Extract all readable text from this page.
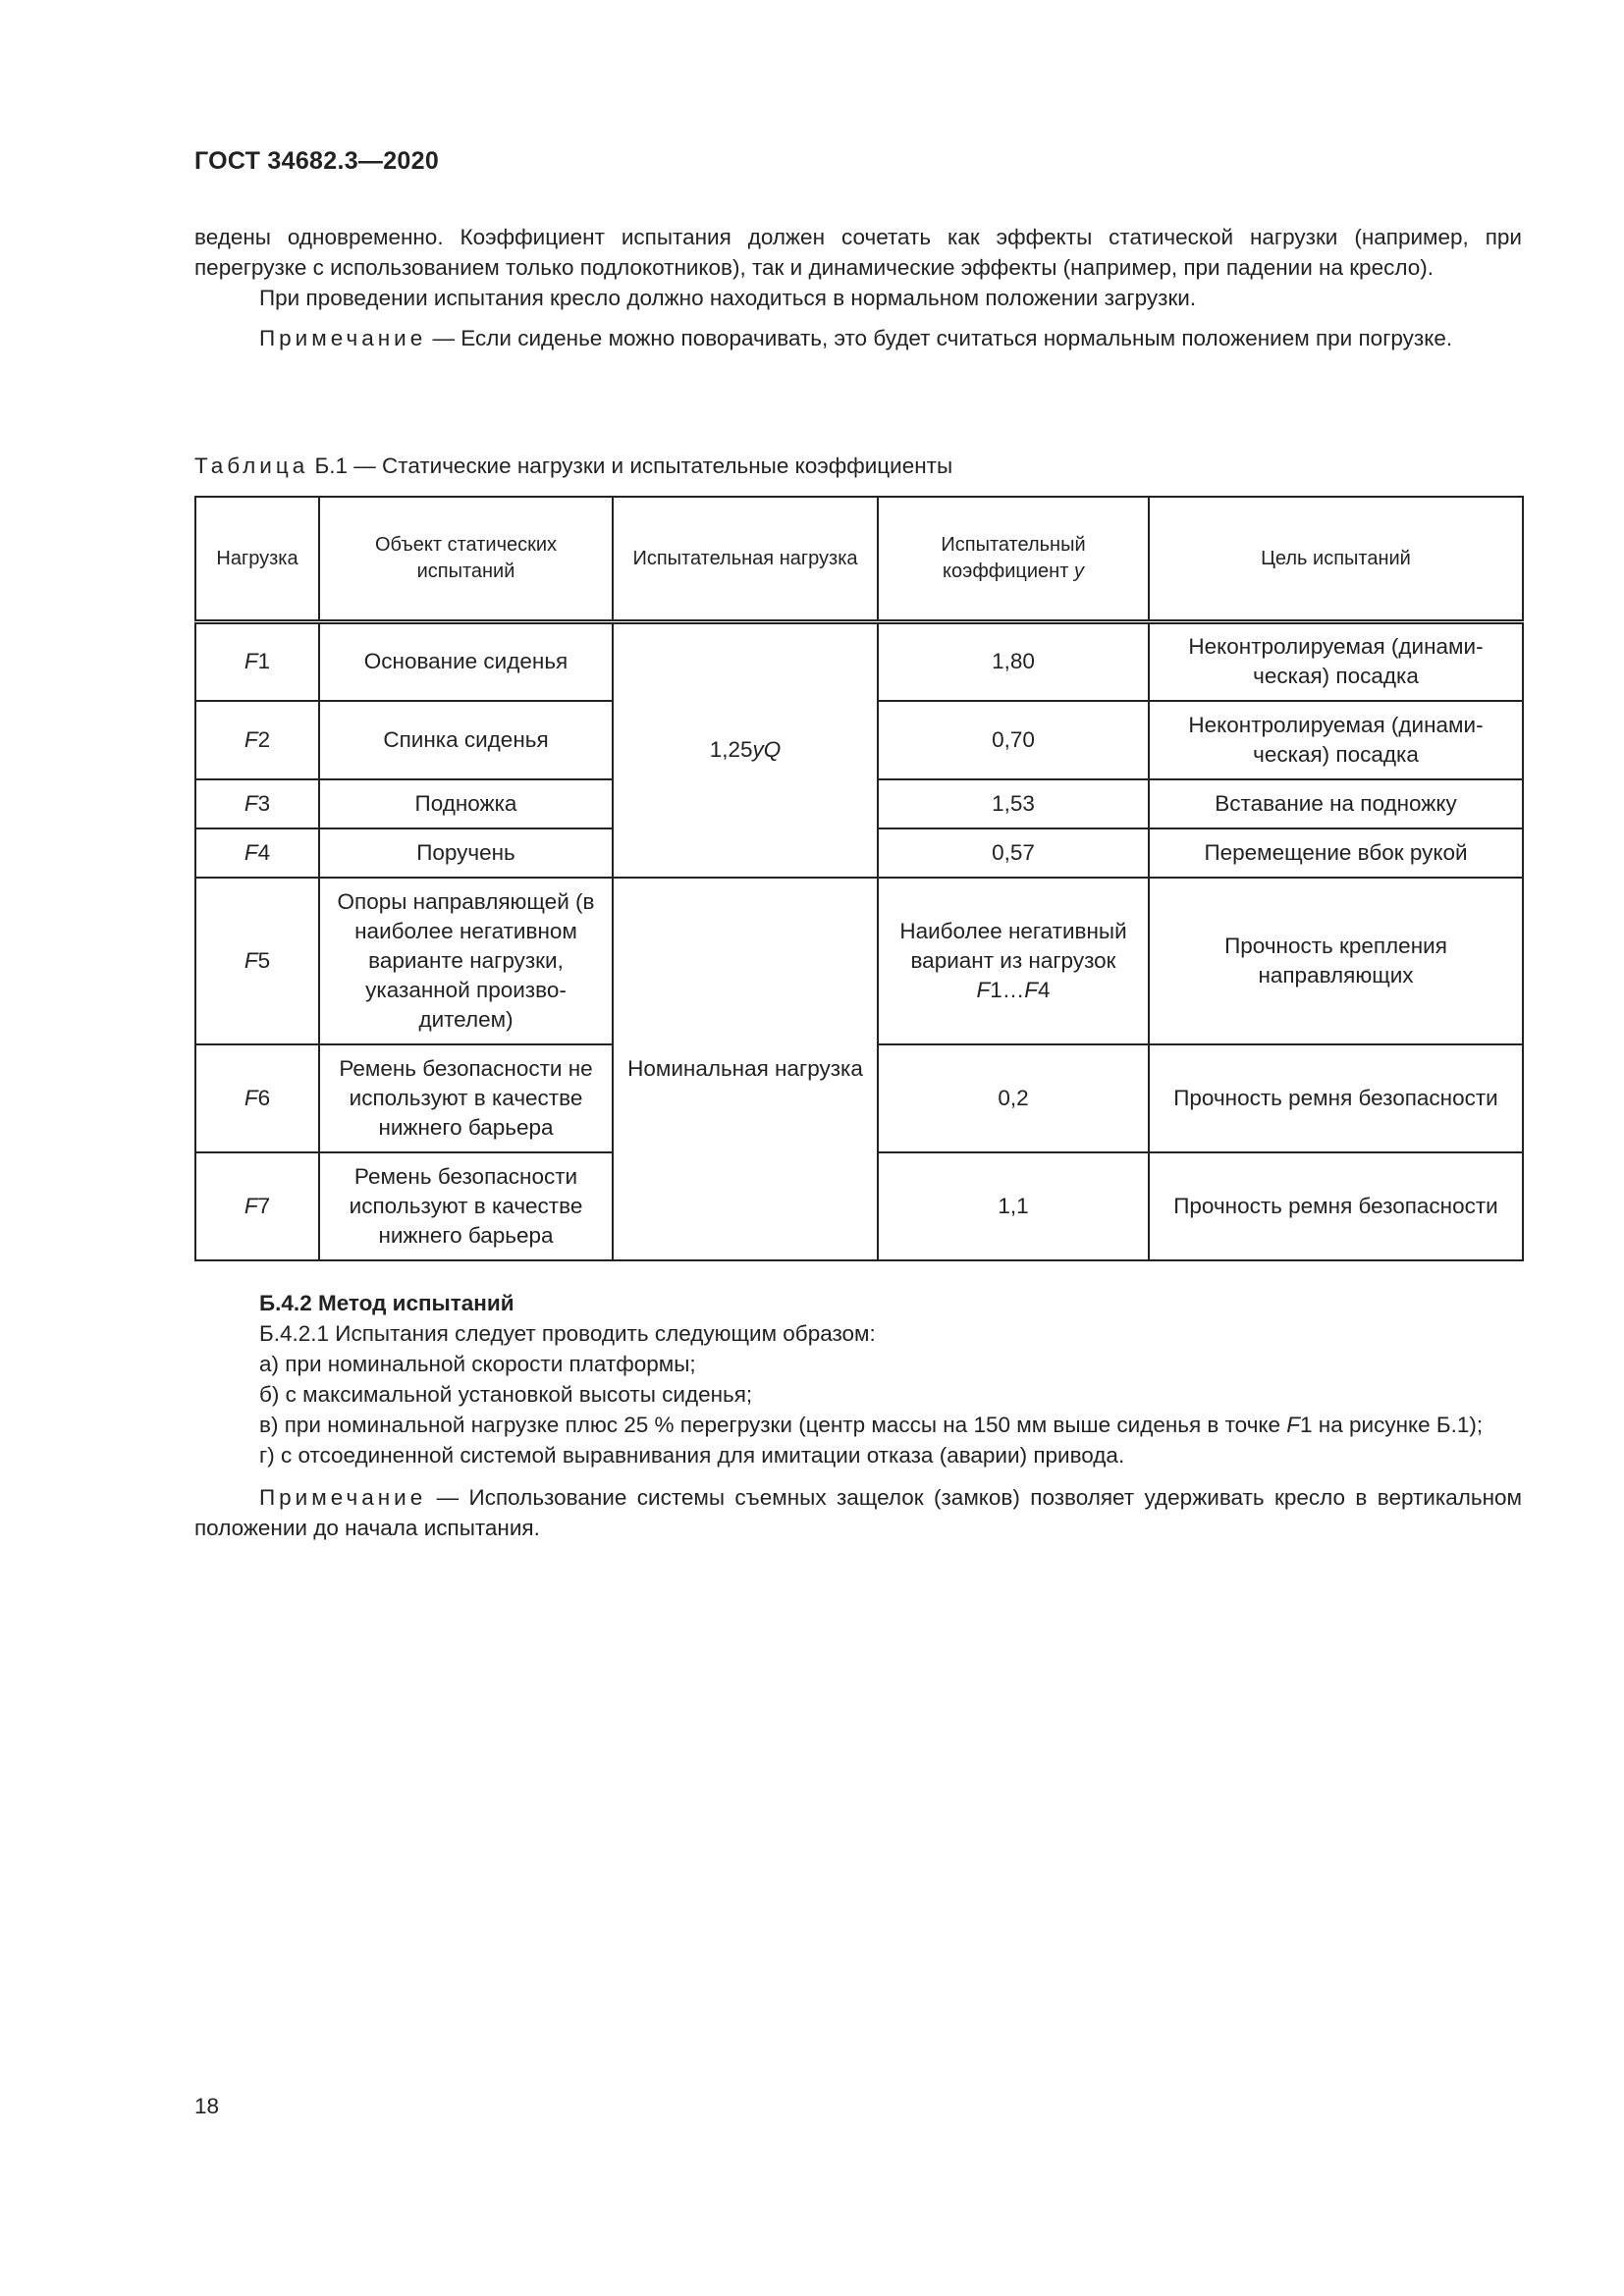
ГОСТ 34682.3—2020

ведены одновременно. Коэффициент испытания должен сочетать как эффекты статической нагрузки (например, при перегрузке с использованием только подлокотников), так и динамические эффекты (например, при падении на кресло).

При проведении испытания кресло должно находиться в нормальном положении загрузки.

Примечание — Если сиденье можно поворачивать, это будет считаться нормальным положением при погрузке.

Таблица Б.1 — Статические нагрузки и испытательные коэффициенты
Нагрузка	Объект статических испытаний	Испытательная нагрузка	Испытательный коэффициент y	Цель испытаний
F1	Основание сиденья	1,25yQ	1,80	Неконтролируемая (динамическая) посадка
F2	Спинка сиденья		0,70	Неконтролируемая (динамическая) посадка
F3	Подножка		1,53	Вставание на подножку
F4	Поручень		0,57	Перемещение вбок рукой
F5	Опоры направляющей (в наиболее негативном варианте нагрузки, указанной производителем)	Номинальная нагрузка	Наиболее негативный вариант из нагрузок F1…F4	Прочность крепления направляющих
F6	Ремень безопасности не используют в качестве нижнего барьера		0,2	Прочность ремня безопасности
F7	Ремень безопасности используют в качестве нижнего барьера		1,1	Прочность ремня безопасности

Б.4.2 Метод испытаний

Б.4.2.1 Испытания следует проводить следующим образом:

а) при номинальной скорости платформы;

б) с максимальной установкой высоты сиденья;

в) при номинальной нагрузке плюс 25 % перегрузки (центр массы на 150 мм выше сиденья в точке F1 на рисунке Б.1);

г) с отсоединенной системой выравнивания для имитации отказа (аварии) привода.

Примечание — Использование системы съемных защелок (замков) позволяет удерживать кресло в вертикальном положении до начала испытания.

18
